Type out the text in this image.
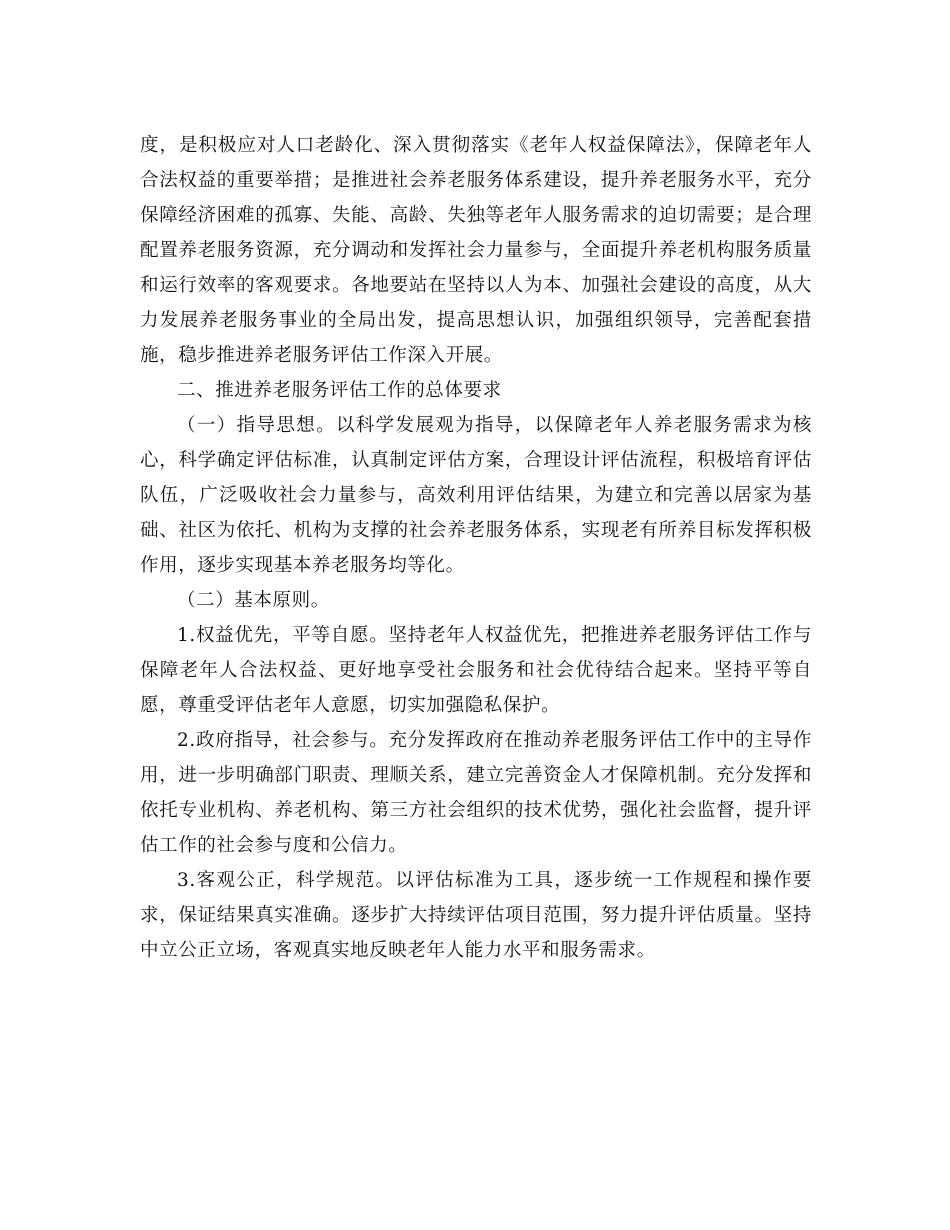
度，是积极应对人口老龄化、深入贯彻落实《老年人权益保障法》，保障老年人合法权益的重要举措；是推进社会养老服务体系建设，提升养老服务水平，充分保障经济困难的孤寡、失能、高龄、失独等老年人服务需求的迫切需要；是合理配置养老服务资源，充分调动和发挥社会力量参与，全面提升养老机构服务质量和运行效率的客观要求。各地要站在坚持以人为本、加强社会建设的高度，从大力发展养老服务事业的全局出发，提高思想认识，加强组织领导，完善配套措施，稳步推进养老服务评估工作深入开展。

二、推进养老服务评估工作的总体要求

（一）指导思想。以科学发展观为指导，以保障老年人养老服务需求为核心，科学确定评估标准，认真制定评估方案，合理设计评估流程，积极培育评估队伍，广泛吸收社会力量参与，高效利用评估结果，为建立和完善以居家为基础、社区为依托、机构为支撑的社会养老服务体系，实现老有所养目标发挥积极作用，逐步实现基本养老服务均等化。

（二）基本原则。

1.权益优先，平等自愿。坚持老年人权益优先，把推进养老服务评估工作与保障老年人合法权益、更好地享受社会服务和社会优待结合起来。坚持平等自愿，尊重受评估老年人意愿，切实加强隐私保护。

2.政府指导，社会参与。充分发挥政府在推动养老服务评估工作中的主导作用，进一步明确部门职责、理顺关系，建立完善资金人才保障机制。充分发挥和依托专业机构、养老机构、第三方社会组织的技术优势，强化社会监督，提升评估工作的社会参与度和公信力。

3.客观公正，科学规范。以评估标准为工具，逐步统一工作规程和操作要求，保证结果真实准确。逐步扩大持续评估项目范围，努力提升评估质量。坚持中立公正立场，客观真实地反映老年人能力水平和服务需求。
